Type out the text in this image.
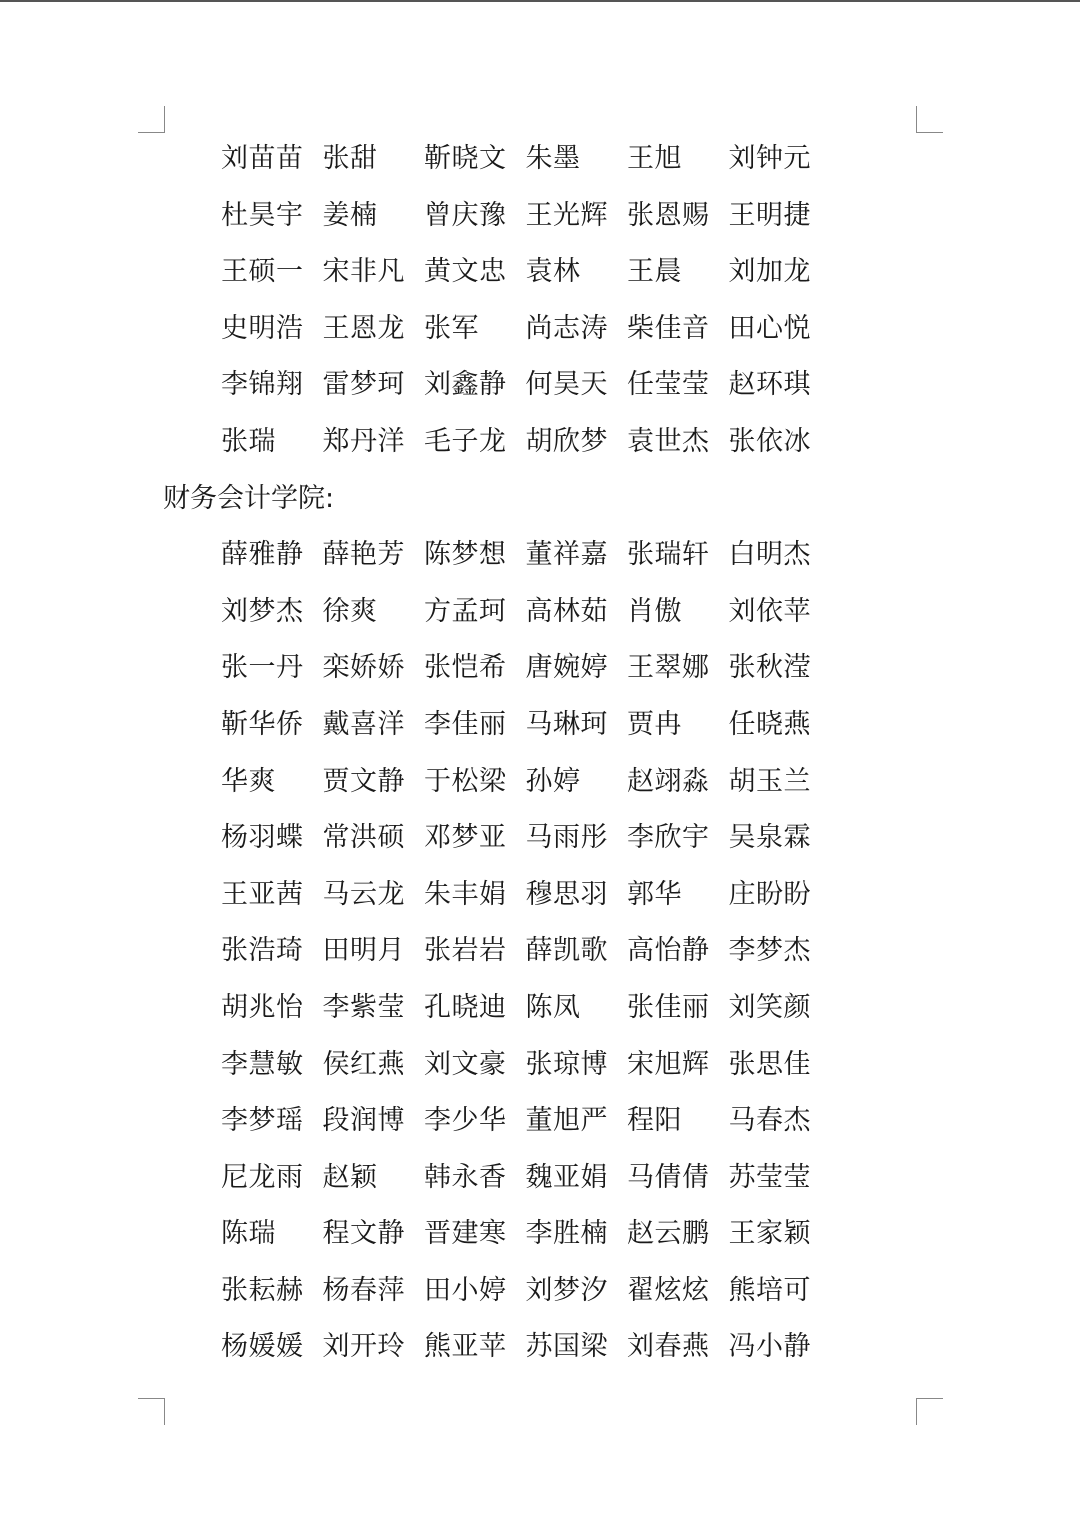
刘苗苗 张甜 靳晓文 朱墨 王旭 刘钟元
杜昊宇 姜楠 曾庆豫 王光辉 张恩赐 王明捷
王硕一 宋非凡 黄文忠 袁林 王晨 刘加龙
史明浩 王恩龙 张军 尚志涛 柴佳音 田心悦
李锦翔 雷梦珂 刘鑫静 何昊天 任莹莹 赵环琪
张瑞 郑丹洋 毛子龙 胡欣梦 袁世杰 张依冰
财务会计学院:
薛雅静 薛艳芳 陈梦想 董祥嘉 张瑞轩 白明杰
刘梦杰 徐爽 方孟珂 高林茹 肖傲 刘依苹
张一丹 栾娇娇 张恺希 唐婉婷 王翠娜 张秋滢
靳华侨 戴喜洋 李佳丽 马琳珂 贾冉 任晓燕
华爽 贾文静 于松梁 孙婷 赵翊淼 胡玉兰
杨羽蝶 常洪硕 邓梦亚 马雨彤 李欣宇 吴泉霖
王亚茜 马云龙 朱丰娟 穆思羽 郭华 庄盼盼
张浩琦 田明月 张岩岩 薛凯歌 高怡静 李梦杰
胡兆怡 李紫莹 孔晓迪 陈凤 张佳丽 刘笑颜
李慧敏 侯红燕 刘文豪 张琼博 宋旭辉 张思佳
李梦瑶 段润博 李少华 董旭严 程阳 马春杰
尼龙雨 赵颖 韩永香 魏亚娟 马倩倩 苏莹莹
陈瑞 程文静 晋建寒 李胜楠 赵云鹏 王家颖
张耘赫 杨春萍 田小婷 刘梦汐 翟炫炫 熊培可
杨媛媛 刘开玲 熊亚苹 苏国梁 刘春燕 冯小静
